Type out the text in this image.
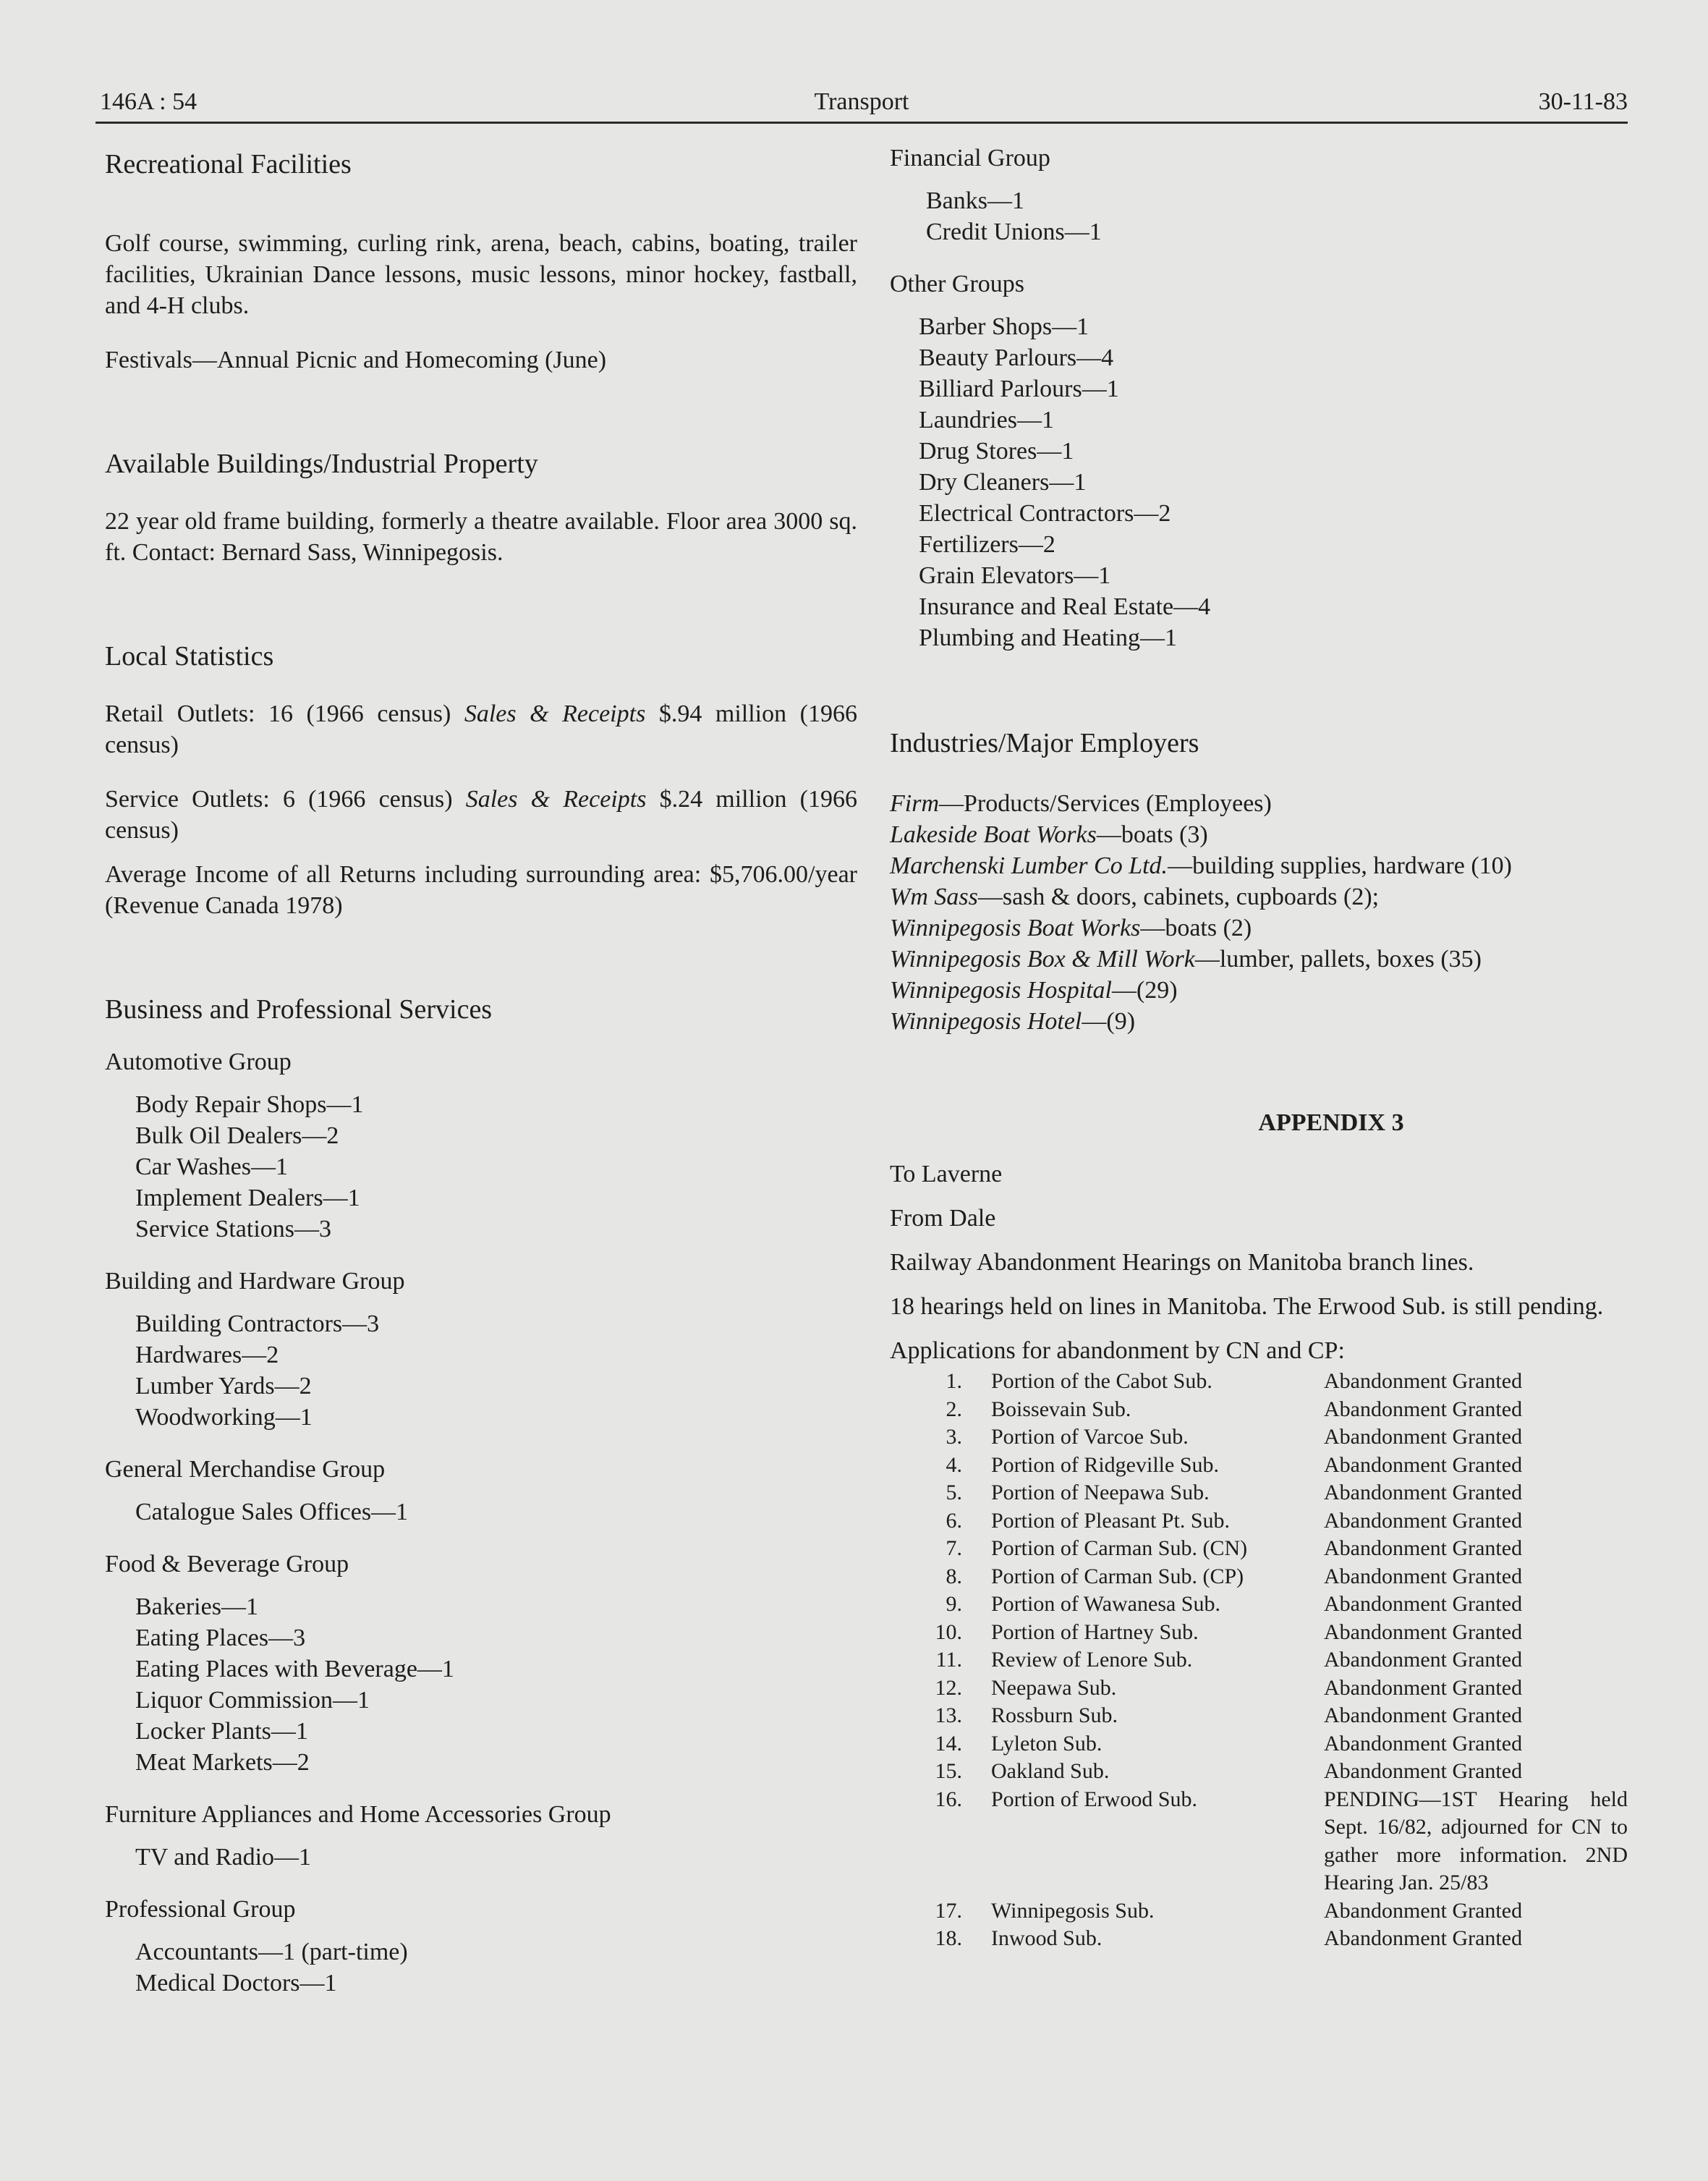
146A : 54	Transport	30-11-83
Recreational Facilities
Golf course, swimming, curling rink, arena, beach, cabins, boating, trailer facilities, Ukrainian Dance lessons, music lessons, minor hockey, fastball, and 4-H clubs.
Festivals—Annual Picnic and Homecoming (June)
Available Buildings/Industrial Property
22 year old frame building, formerly a theatre available. Floor area 3000 sq. ft. Contact: Bernard Sass, Winnipegosis.
Local Statistics
Retail Outlets: 16 (1966 census) Sales & Receipts $.94 million (1966 census)
Service Outlets: 6 (1966 census) Sales & Receipts $.24 million (1966 census)
Average Income of all Returns including surrounding area: $5,706.00/year (Revenue Canada 1978)
Business and Professional Services
Automotive Group
Body Repair Shops—1
Bulk Oil Dealers—2
Car Washes—1
Implement Dealers—1
Service Stations—3
Building and Hardware Group
Building Contractors—3
Hardwares—2
Lumber Yards—2
Woodworking—1
General Merchandise Group
Catalogue Sales Offices—1
Food & Beverage Group
Bakeries—1
Eating Places—3
Eating Places with Beverage—1
Liquor Commission—1
Locker Plants—1
Meat Markets—2
Furniture Appliances and Home Accessories Group
TV and Radio—1
Professional Group
Accountants—1 (part-time)
Medical Doctors—1
Financial Group
Banks—1
Credit Unions—1
Other Groups
Barber Shops—1
Beauty Parlours—4
Billiard Parlours—1
Laundries—1
Drug Stores—1
Dry Cleaners—1
Electrical Contractors—2
Fertilizers—2
Grain Elevators—1
Insurance and Real Estate—4
Plumbing and Heating—1
Industries/Major Employers
Firm—Products/Services (Employees)
Lakeside Boat Works—boats (3)
Marchenski Lumber Co Ltd.—building supplies, hardware (10)
Wm Sass—sash & doors, cabinets, cupboards (2);
Winnipegosis Boat Works—boats (2)
Winnipegosis Box & Mill Work—lumber, pallets, boxes (35)
Winnipegosis Hospital—(29)
Winnipegosis Hotel—(9)
APPENDIX 3
To Laverne
From Dale
Railway Abandonment Hearings on Manitoba branch lines.
18 hearings held on lines in Manitoba. The Erwood Sub. is still pending.
Applications for abandonment by CN and CP:
1.	Portion of the Cabot Sub.	Abandonment Granted
2.	Boissevain Sub.	Abandonment Granted
3.	Portion of Varcoe Sub.	Abandonment Granted
4.	Portion of Ridgeville Sub.	Abandonment Granted
5.	Portion of Neepawa Sub.	Abandonment Granted
6.	Portion of Pleasant Pt. Sub.	Abandonment Granted
7.	Portion of Carman Sub. (CN)	Abandonment Granted
8.	Portion of Carman Sub. (CP)	Abandonment Granted
9.	Portion of Wawanesa Sub.	Abandonment Granted
10.	Portion of Hartney Sub.	Abandonment Granted
11.	Review of Lenore Sub.	Abandonment Granted
12.	Neepawa Sub.	Abandonment Granted
13.	Rossburn Sub.	Abandonment Granted
14.	Lyleton Sub.	Abandonment Granted
15.	Oakland Sub.	Abandonment Granted
16.	Portion of Erwood Sub.	PENDING—1ST Hearing held Sept. 16/82, adjourned for CN to gather more information. 2ND Hearing Jan. 25/83
17.	Winnipegosis Sub.	Abandonment Granted
18.	Inwood Sub.	Abandonment Granted
